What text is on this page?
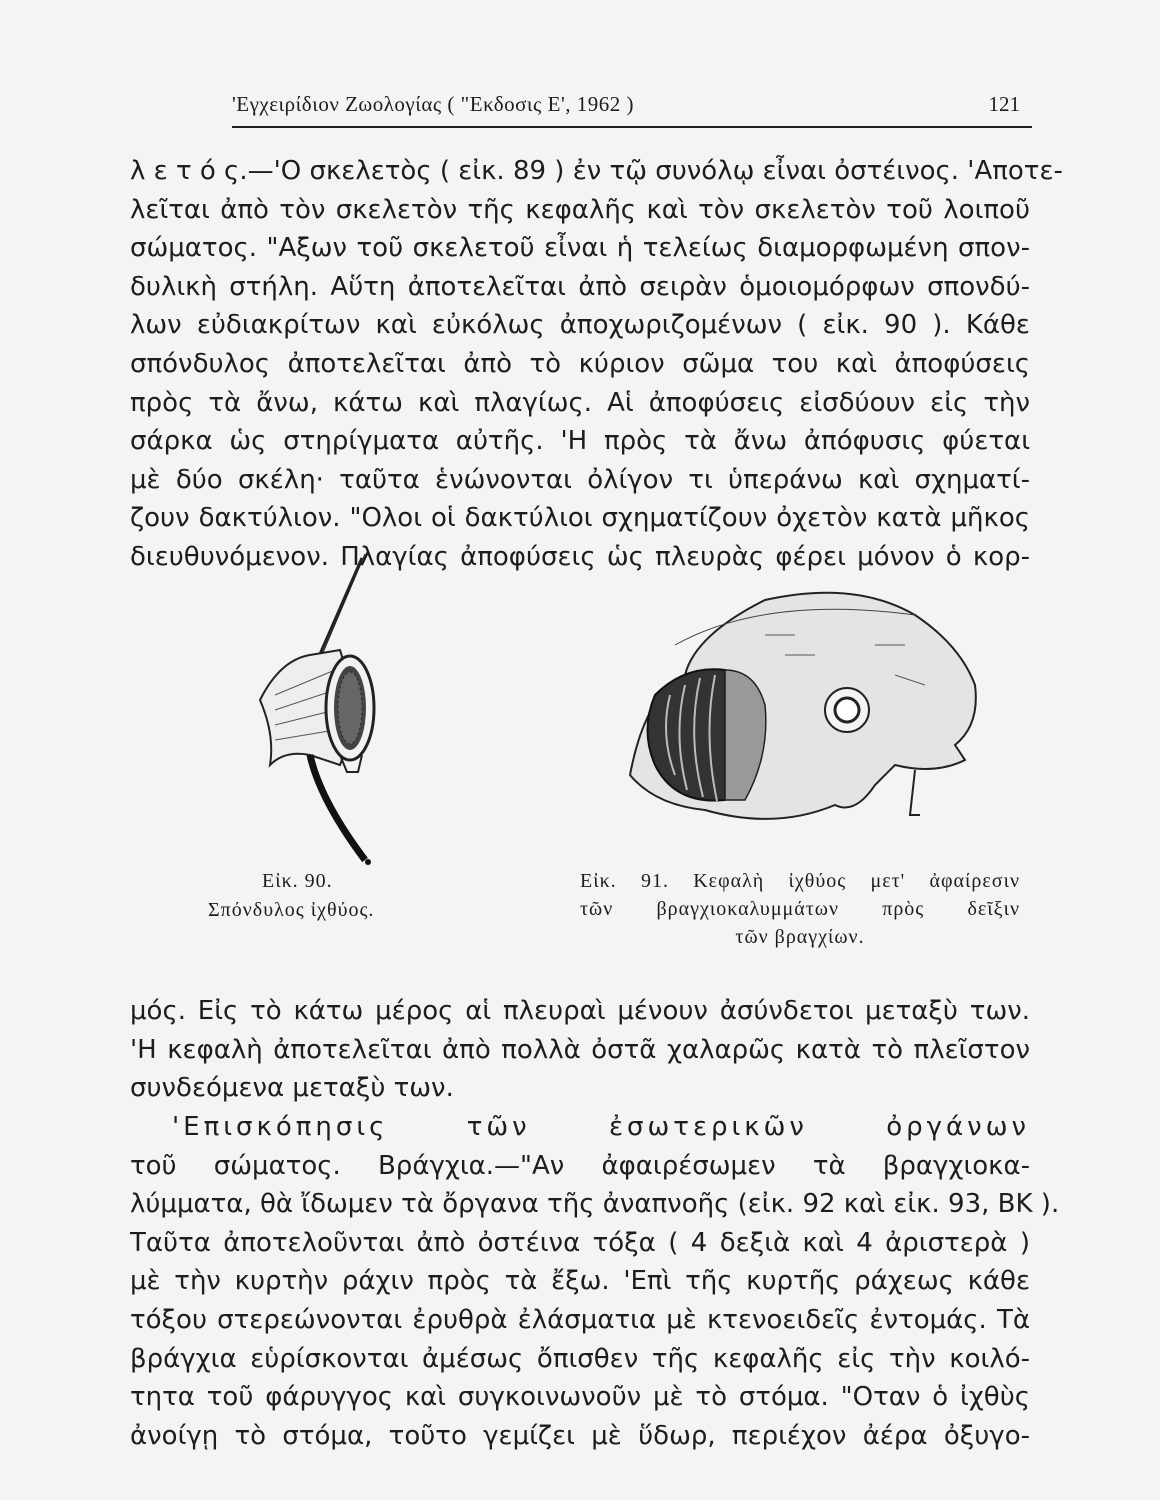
'Εγχειρίδιον Ζωολογίας ( "Εκδοσις Ε', 1962 )	121
λ ε τ ό ς.—'Ο σκελετὸς ( εἰκ. 89 ) ἐν τῷ συνόλῳ εἶναι ὀστέινος. 'Αποτε-
λεῖται ἀπὸ τὸν σκελετὸν τῆς κεφαλῆς καὶ τὸν σκελετὸν τοῦ λοιποῦ
σώματος. "Αξων τοῦ σκελετοῦ εἶναι ἡ τελείως διαμορφωμένη σπον-
δυλικὴ στήλη. Αὕτη ἀποτελεῖται ἀπὸ σειρὰν ὁμοιομόρφων σπονδύ-
λων εὐδιακρίτων καὶ εὐκόλως ἀποχωριζομένων ( εἰκ. 90 ). Κάθε
σπόνδυλος ἀποτελεῖται ἀπὸ τὸ κύριον σῶμα του καὶ ἀποφύσεις
πρὸς τὰ ἄνω, κάτω καὶ πλαγίως. Αἱ ἀποφύσεις εἰσδύουν εἰς τὴν
σάρκα ὡς στηρίγματα αὐτῆς. 'Η πρὸς τὰ ἄνω ἀπόφυσις φύεται
μὲ δύο σκέλη· ταῦτα ἑνώνονται ὀλίγον τι ὑπεράνω καὶ σχηματί-
ζουν δακτύλιον. "Ολοι οἱ δακτύλιοι σχηματίζουν ὀχετὸν κατὰ μῆκος
διευθυνόμενον. Πλαγίας ἀποφύσεις ὡς πλευρὰς φέρει μόνον ὁ κορ-
Εἰκ. 90.
Σπόνδυλος ἰχθύος.
Εἰκ. 91. Κεφαλὴ ἰχθύος μετ' ἀφαίρεσιν
τῶν βραγχιοκαλυμμάτων πρὸς δεῖξιν
τῶν βραγχίων.
μός. Εἰς τὸ κάτω μέρος αἱ πλευραὶ μένουν ἀσύνδετοι μεταξὺ των.
'Η κεφαλὴ ἀποτελεῖται ἀπὸ πολλὰ ὀστᾶ χαλαρῶς κατὰ τὸ πλεῖστον
συνδεόμενα μεταξὺ των.
'Επισκόπησις τῶν ἐσωτερικῶν ὀργάνων
τοῦ σώματος. Βράγχια.—"Αν ἀφαιρέσωμεν τὰ βραγχιοκα-
λύμματα, θὰ ἴδωμεν τὰ ὄργανα τῆς ἀναπνοῆς (εἰκ. 92 καὶ εἰκ. 93, ΒΚ ).
Ταῦτα ἀποτελοῦνται ἀπὸ ὀστέινα τόξα ( 4 δεξιὰ καὶ 4 ἀριστερὰ )
μὲ τὴν κυρτὴν ράχιν πρὸς τὰ ἔξω. 'Επὶ τῆς κυρτῆς ράχεως κάθε
τόξου στερεώνονται ἐρυθρὰ ἐλάσματια μὲ κτενοειδεῖς ἐντομάς. Τὰ
βράγχια εὑρίσκονται ἀμέσως ὄπισθεν τῆς κεφαλῆς εἰς τὴν κοιλό-
τητα τοῦ φάρυγγος καὶ συγκοινωνοῦν μὲ τὸ στόμα. "Οταν ὁ ἰχθὺς
ἀνοίγῃ τὸ στόμα, τοῦτο γεμίζει μὲ ὕδωρ, περιέχον ἀέρα ὀξυγο-
